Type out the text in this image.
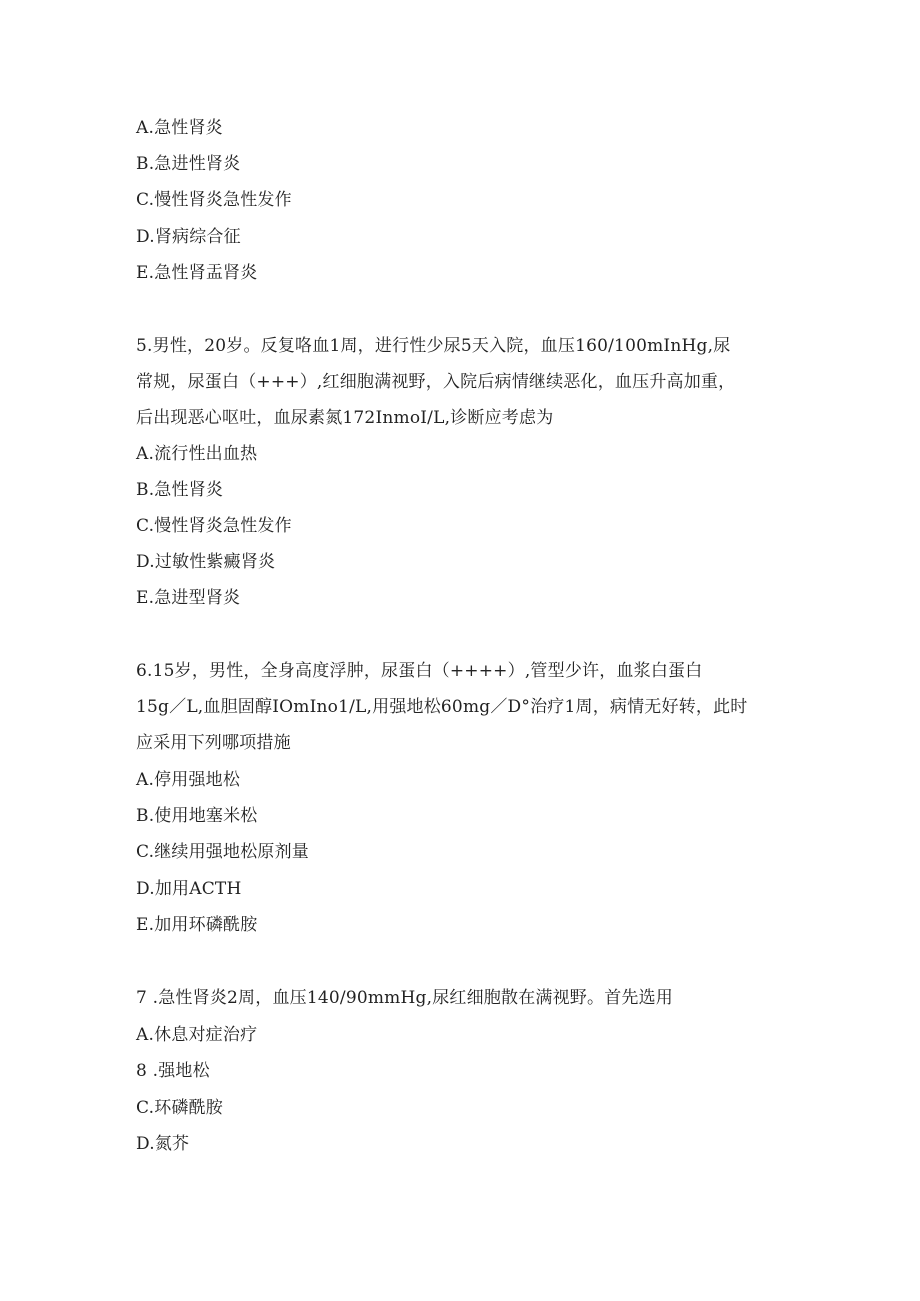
A.急性肾炎
B.急进性肾炎
C.慢性肾炎急性发作
D.肾病综合征
E.急性肾盂肾炎
5.男性，20岁。反复咯血1周，进行性少尿5天入院，血压160/100mInHg,尿
常规，尿蛋白（+++）,红细胞满视野，入院后病情继续恶化，血压升高加重，
后出现恶心呕吐，血尿素氮172InmoI/L,诊断应考虑为
A.流行性出血热
B.急性肾炎
C.慢性肾炎急性发作
D.过敏性紫癜肾炎
E.急进型肾炎
6.15岁，男性，全身高度浮肿，尿蛋白（++++）,管型少许，血浆白蛋白
15g／L,血胆固醇IOmIno1/L,用强地松60mg／D°治疗1周，病情无好转，此时
应采用下列哪项措施
A.停用强地松
B.使用地塞米松
C.继续用强地松原剂量
D.加用ACTH
E.加用环磷酰胺
7 .急性肾炎2周，血压140/90mmHg,尿红细胞散在满视野。首先选用
A.休息对症治疗
8 .强地松
C.环磷酰胺
D.氮芥
